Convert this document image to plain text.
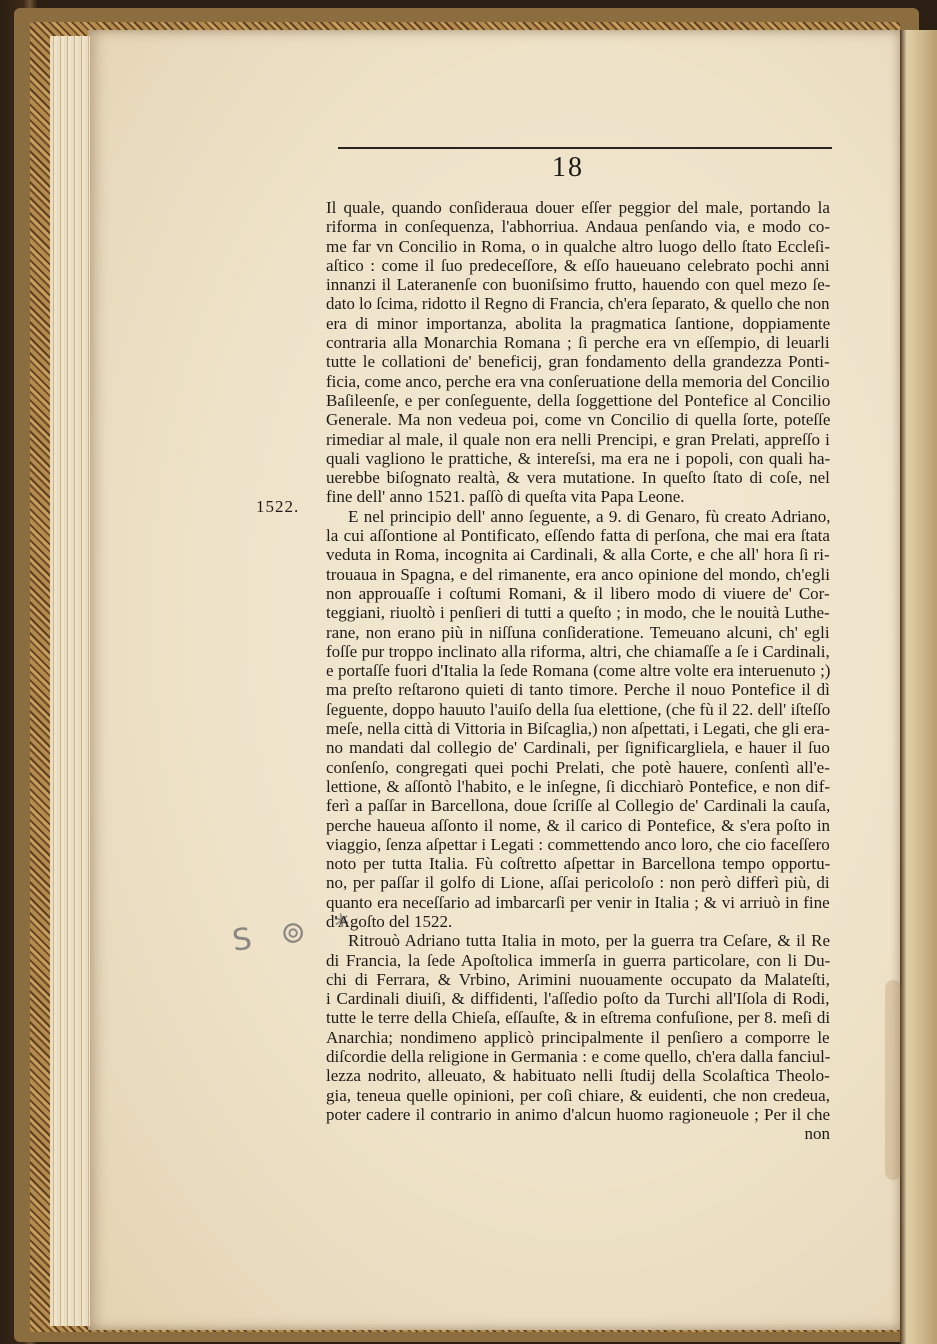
18
1522.
S ⊚ *
Il quale, quando conſideraua douer eſſer peggior del male, portando la
riforma in conſequenza, l'abhorriua. Andaua penſando via, e modo co-
me far vn Concilio in Roma, o in qualche altro luogo dello ſtato Eccleſi-
aſtico : come il ſuo predeceſſore, & eſſo haueuano celebrato pochi anni
innanzi il Lateranenſe con buoniſsimo frutto, hauendo con quel mezo ſe-
dato lo ſcima, ridotto il Regno di Francia, ch'era ſeparato, & quello che non
era di minor importanza, abolita la pragmatica ſantione, doppiamente
contraria alla Monarchia Romana ; ſi perche era vn eſſempio, di leuarli
tutte le collationi de' beneficij, gran fondamento della grandezza Ponti-
ficia, come anco, perche era vna conſeruatione della memoria del Concilio
Baſileenſe, e per conſeguente, della ſoggettione del Pontefice al Concilio
Generale. Ma non vedeua poi, come vn Concilio di quella ſorte, poteſſe
rimediar al male, il quale non era nelli Prencipi, e gran Prelati, appreſſo i
quali vagliono le prattiche, & intereſsi, ma era ne i popoli, con quali ha-
uerebbe biſognato realtà, & vera mutatione. In queſto ſtato di coſe, nel
fine dell' anno 1521. paſſò di queſta vita Papa Leone.
E nel principio dell' anno ſeguente, a 9. di Genaro, fù creato Adriano,
la cui aſſontione al Pontificato, eſſendo fatta di perſona, che mai era ſtata
veduta in Roma, incognita ai Cardinali, & alla Corte, e che all' hora ſi ri-
trouaua in Spagna, e del rimanente, era anco opinione del mondo, ch'egli
non approuaſſe i coſtumi Romani, & il libero modo di viuere de' Cor-
teggiani, riuoltò i penſieri di tutti a queſto ; in modo, che le nouità Luthe-
rane, non erano più in niſſuna conſideratione. Temeuano alcuni, ch' egli
foſſe pur troppo inclinato alla riforma, altri, che chiamaſſe a ſe i Cardinali,
e portaſſe fuori d'Italia la ſede Romana (come altre volte era interuenuto ;)
ma preſto reſtarono quieti di tanto timore. Perche il nouo Pontefice il dì
ſeguente, doppo hauuto l'auiſo della ſua elettione, (che fù il 22. dell' iſteſſo
meſe, nella città di Vittoria in Biſcaglia,) non aſpettati, i Legati, che gli era-
no mandati dal collegio de' Cardinali, per ſignificargliela, e hauer il ſuo
conſenſo, congregati quei pochi Prelati, che potè hauere, conſentì all'e-
lettione, & aſſontò l'habito, e le inſegne, ſi dicchiarò Pontefice, e non dif-
ferì a paſſar in Barcellona, doue ſcriſſe al Collegio de' Cardinali la cauſa,
perche haueua aſſonto il nome, & il carico di Pontefice, & s'era poſto in
viaggio, ſenza aſpettar i Legati : commettendo anco loro, che cio faceſſero
noto per tutta Italia. Fù coſtretto aſpettar in Barcellona tempo opportu-
no, per paſſar il golfo di Lione, aſſai pericoloſo : non però differì più, di
quanto era neceſſario ad imbarcarſi per venir in Italia ; & vi arriuò in fine
d'Agoſto del 1522.
Ritrouò Adriano tutta Italia in moto, per la guerra tra Ceſare, & il Re
di Francia, la ſede Apoſtolica immerſa in guerra particolare, con li Du-
chi di Ferrara, & Vrbino, Arimini nuouamente occupato da Malateſti,
i Cardinali diuiſi, & diffidenti, l'aſſedio poſto da Turchi all'Iſola di Rodi,
tutte le terre della Chieſa, eſſauſte, & in eſtrema confuſione, per 8. meſi di
Anarchia; nondimeno applicò principalmente il penſiero a comporre le
diſcordie della religione in Germania : e come quello, ch'era dalla fanciul-
lezza nodrito, alleuato, & habituato nelli ſtudij della Scolaſtica Theolo-
gia, teneua quelle opinioni, per coſi chiare, & euidenti, che non credeua,
poter cadere il contrario in animo d'alcun huomo ragioneuole ; Per il che
non
